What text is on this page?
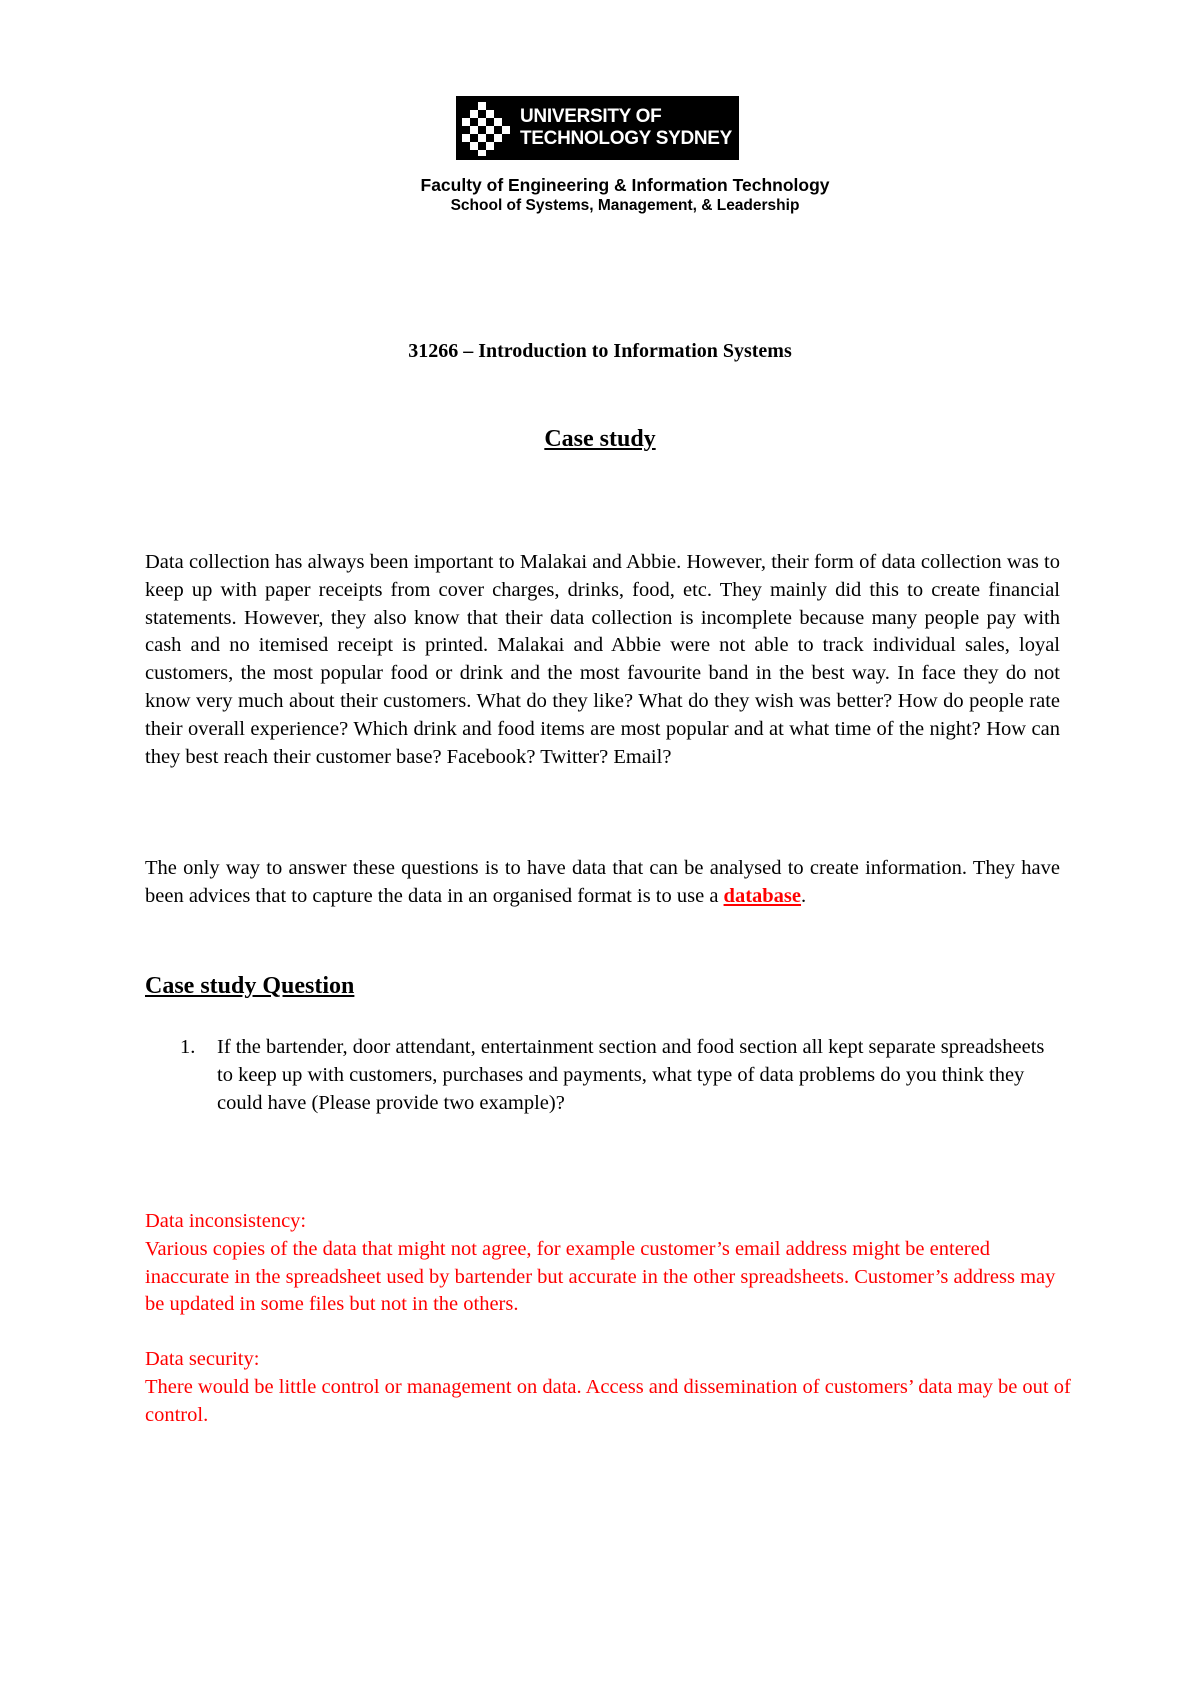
UNIVERSITY OF
TECHNOLOGY SYDNEY
Faculty of Engineering & Information Technology
School of Systems, Management, & Leadership
31266 – Introduction to Information Systems
Case study

Data collection has always been important to Malakai and Abbie. However, their form of data collection was to keep up with paper receipts from cover charges, drinks, food, etc. They mainly did this to create financial statements. However, they also know that their data collection is incomplete because many people pay with cash and no itemised receipt is printed. Malakai and Abbie were not able to track individual sales, loyal customers, the most popular food or drink and the most favourite band in the best way. In face they do not know very much about their customers. What do they like? What do they wish was better? How do people rate their overall experience? Which drink and food items are most popular and at what time of the night? How can they best reach their customer base? Facebook? Twitter? Email?

The only way to answer these questions is to have data that can be analysed to create information. They have been advices that to capture the data in an organised format is to use a database.

Case study Question
1.	If the bartender, door attendant, entertainment section and food section all kept separate spreadsheets to keep up with customers, purchases and payments, what type of data problems do you think they could have (Please provide two example)?

Data inconsistency:
Various copies of the data that might not agree, for example customer’s email address might be entered inaccurate in the spreadsheet used by bartender but accurate in the other spreadsheets. Customer’s address may be updated in some files but not in the others.

Data security:
There would be little control or management on data. Access and dissemination of customers’ data may be out of control.
